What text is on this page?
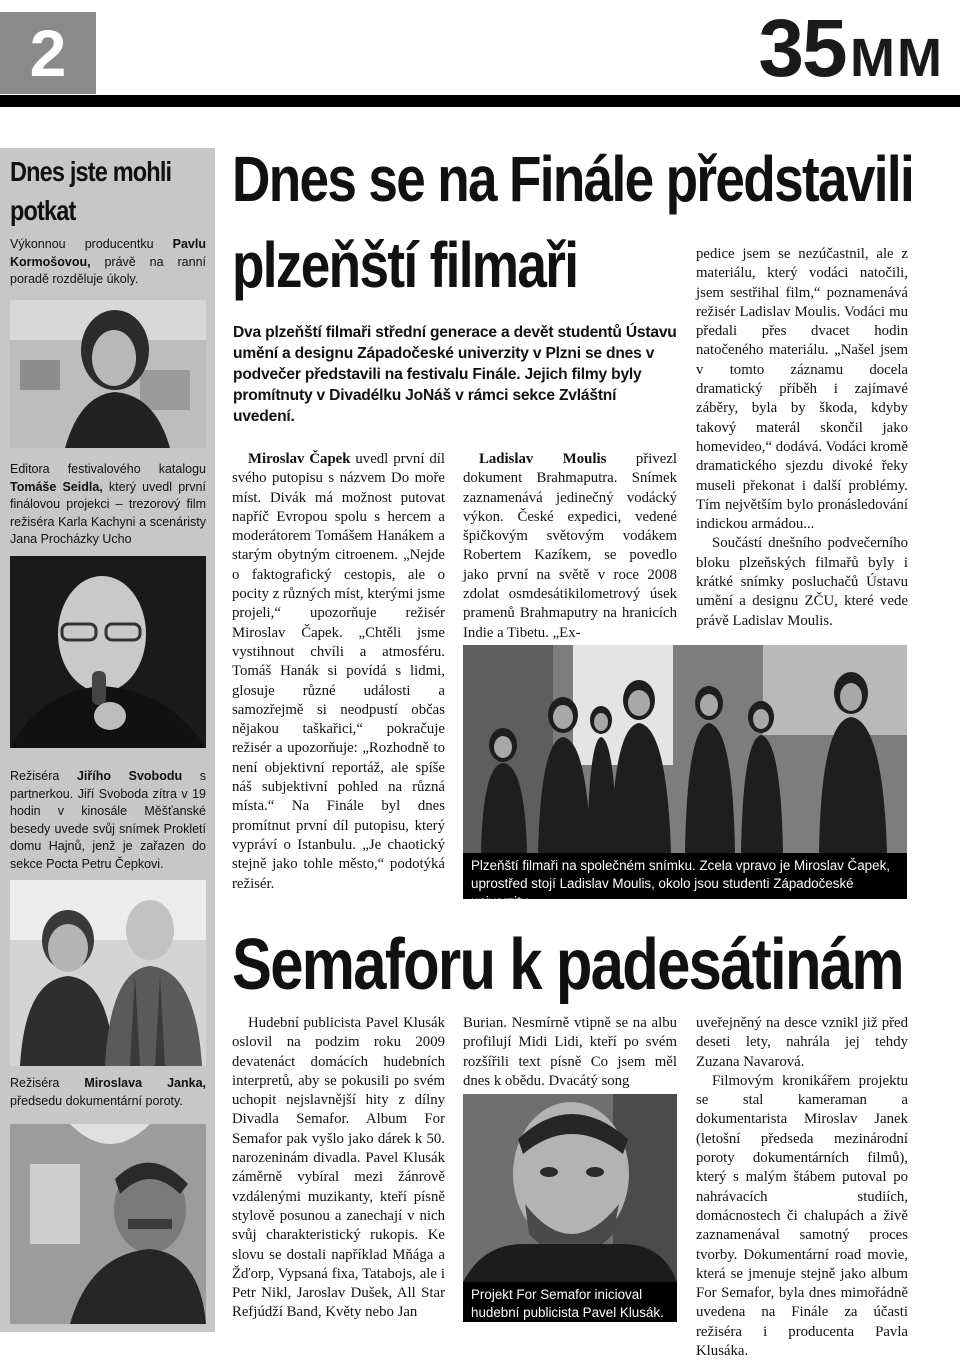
2	35 MM
Dnes jste mohli potkat
Výkonnou producentku Pavlu Kormošovou, právě na ranní poradě rozděluje úkoly.
Editora festivalového katalogu Tomáše Seidla, který uvedl první finálovou projekci – trezorový film režiséra Karla Kachyni a scenáristy Jana Procházky Ucho
Režiséra Jiřího Svobodu s partnerkou. Jiří Svoboda zítra v 19 hodin v kinosále Měšťanské besedy uvede svůj snímek Prokletí domu Hajnů, jenž je zařazen do sekce Pocta Petru Čepkovi.
Režiséra Miroslava Janka, předsedu dokumentární poroty.
Dnes se na Finále představili
plzeňští filmaři
Dva plzeňští filmaři střední generace a devět studentů Ústavu umění a designu Západočeské univerzity v Plzni se dnes v podvečer představili na festivalu Finále. Jejich filmy byly promítnuty v Divadélku JoNáš v rámci sekce Zvláštní uvedení.

Miroslav Čapek uvedl první díl svého putopisu s názvem Do moře míst. Divák má možnost putovat napříč Evropou spolu s hercem a moderátorem Tomášem Hanákem a starým obytným citroenem. „Nejde o faktografický cestopis, ale o pocity z různých míst, kterými jsme projeli,“ upozorňuje režisér Miroslav Čapek. „Chtěli jsme vystihnout chvíli a atmosféru. Tomáš Hanák si povídá s lidmi, glosuje různé události a samozřejmě si neodpustí občas nějakou taškařici,“ pokračuje režisér a upozorňuje: „Rozhodně to není objektivní reportáž, ale spíše náš subjektivní pohled na různá místa.“ Na Finále byl dnes promítnut první díl putopisu, který vypráví o Istanbulu. „Je chaotický stejně jako tohle město,“ podotýká režisér.

Ladislav Moulis přivezl dokument Brahmaputra. Snímek zaznamenává jedinečný vodácký výkon. České expedici, vedené špičkovým světovým vodákem Robertem Kazíkem, se povedlo jako první na světě v roce 2008 zdolat osmdesátikilometrový úsek pramenů Brahmaputry na hranicích Indie a Tibetu. „Ex-

pedice jsem se nezúčastnil, ale z materiálu, který vodáci natočili, jsem sestřihal film,“ poznamenává režisér Ladislav Moulis. Vodáci mu předali přes dvacet hodin natočeného materiálu. „Našel jsem v tomto záznamu docela dramatický příběh i zajímavé záběry, byla by škoda, kdyby takový materál skončil jako homevideo,“ dodává. Vodáci kromě dramatického sjezdu divoké řeky museli překonat i další problémy. Tím největším bylo pronásledování indickou armádou...

Součástí dnešního podvečerního bloku plzeňských filmařů byly i krátké snímky posluchačů Ústavu umění a designu ZČU, které vede právě Ladislav Moulis.

Plzeňští filmaři na společném snímku. Zcela vpravo je Miroslav Čapek, uprostřed stojí Ladislav Moulis, okolo jsou studenti Západočeské univerzity.
Semaforu k padesátinám

Hudební publicista Pavel Klusák oslovil na podzim roku 2009 devatenáct domácích hudebních interpretů, aby se pokusili po svém uchopit nejslavnější hity z dílny Divadla Semafor. Album For Semafor pak vyšlo jako dárek k 50. narozeninám divadla. Pavel Klusák záměrně vybíral mezi žánrově vzdálenými muzikanty, kteří písně stylově posunou a zanechají v nich svůj charakteristický rukopis. Ke slovu se dostali například Mňága a Žďorp, Vypsaná fixa, Tatabojs, ale i Petr Nikl, Jaroslav Dušek, All Star Refjúdží Band, Květy nebo Jan

Burian. Nesmírně vtipně se na albu profilují Midi Lidi, kteří po svém rozšířili text písně Co jsem měl dnes k obědu. Dvacátý song

uveřejněný na desce vznikl již před deseti lety, nahrála jej tehdy Zuzana Navarová.

Filmovým kronikářem projektu se stal kameraman a dokumentarista Miroslav Janek (letošní předseda mezinárodní poroty dokumentárních filmů), který s malým štábem putoval po nahrávacích studiích, domácnostech či chalupách a živě zaznamenával samotný proces tvorby. Dokumentární road movie, která se jmenuje stejně jako album For Semafor, byla dnes mimořádně uvedena na Finále za účasti režiséra i producenta Pavla Klusáka.

Projekt For Semafor inicioval hudební publicista Pavel Klusák.
